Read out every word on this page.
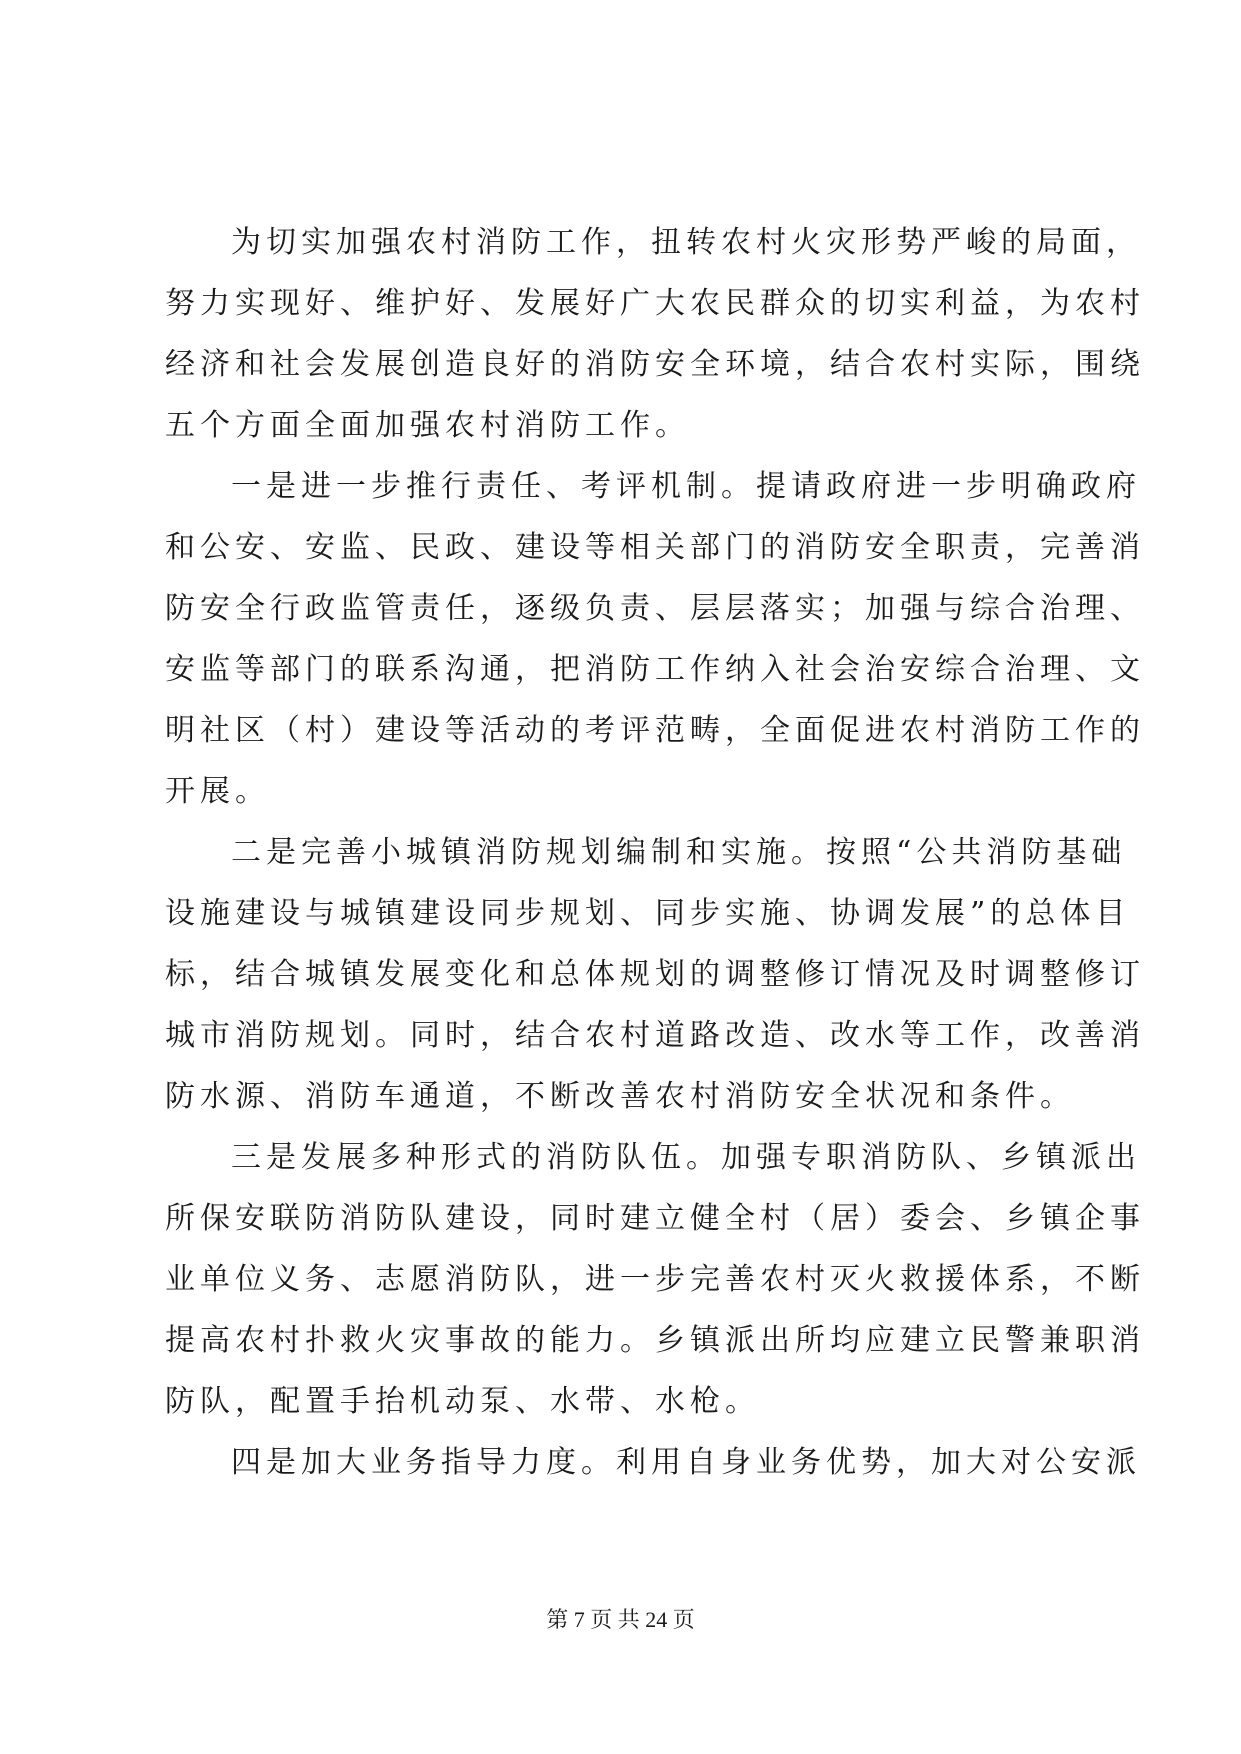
为切实加强农村消防工作，扭转农村火灾形势严峻的局面，
努力实现好、维护好、发展好广大农民群众的切实利益，为农村
经济和社会发展创造良好的消防安全环境，结合农村实际，围绕
五个方面全面加强农村消防工作。
一是进一步推行责任、考评机制。提请政府进一步明确政府
和公安、安监、民政、建设等相关部门的消防安全职责，完善消
防安全行政监管责任，逐级负责、层层落实；加强与综合治理、
安监等部门的联系沟通，把消防工作纳入社会治安综合治理、文
明社区（村）建设等活动的考评范畴，全面促进农村消防工作的
开展。
二是完善小城镇消防规划编制和实施。按照“公共消防基础
设施建设与城镇建设同步规划、同步实施、协调发展”的总体目
标，结合城镇发展变化和总体规划的调整修订情况及时调整修订
城市消防规划。同时，结合农村道路改造、改水等工作，改善消
防水源、消防车通道，不断改善农村消防安全状况和条件。
三是发展多种形式的消防队伍。加强专职消防队、乡镇派出
所保安联防消防队建设，同时建立健全村（居）委会、乡镇企事
业单位义务、志愿消防队，进一步完善农村灭火救援体系，不断
提高农村扑救火灾事故的能力。乡镇派出所均应建立民警兼职消
防队，配置手抬机动泵、水带、水枪。
四是加大业务指导力度。利用自身业务优势，加大对公安派
第 7 页 共 24 页
